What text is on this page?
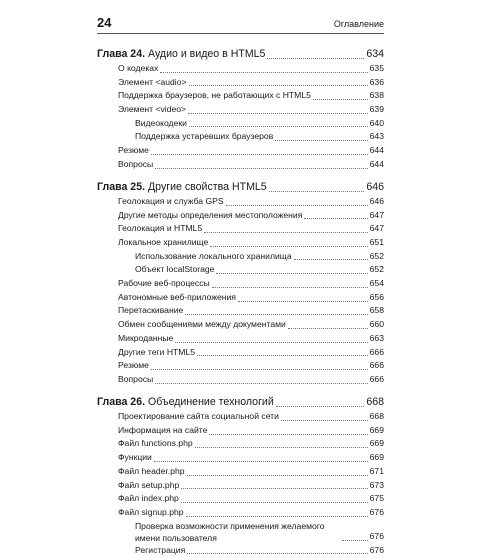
24	Оглавление
Глава 24. Аудио и видео в HTML5	634
О кодеках	635
Элемент <audio>	636
Поддержка браузеров, не работающих с HTML5	638
Элемент <video>	639
Видеокодеки	640
Поддержка устаревших браузеров	643
Резюме	644
Вопросы	644
Глава 25. Другие свойства HTML5	646
Геолокация и служба GPS	646
Другие методы определения местоположения	647
Геолокация и HTML5	647
Локальное хранилище	651
Использование локального хранилища	652
Объект localStorage	652
Рабочие веб-процессы	654
Автономные веб-приложения	656
Перетаскивание	658
Обмен сообщениями между документами	660
Микроданные	663
Другие теги HTML5	666
Резюме	666
Вопросы	666
Глава 26. Объединение технологий	668
Проектирование сайта социальной сети	668
Информация на сайте	669
Файл functions.php	669
Функции	669
Файл header.php	671
Файл setup.php	673
Файл index.php	675
Файл signup.php	676
Проверка возможности применения желаемого имени пользователя	676
Регистрация	676
